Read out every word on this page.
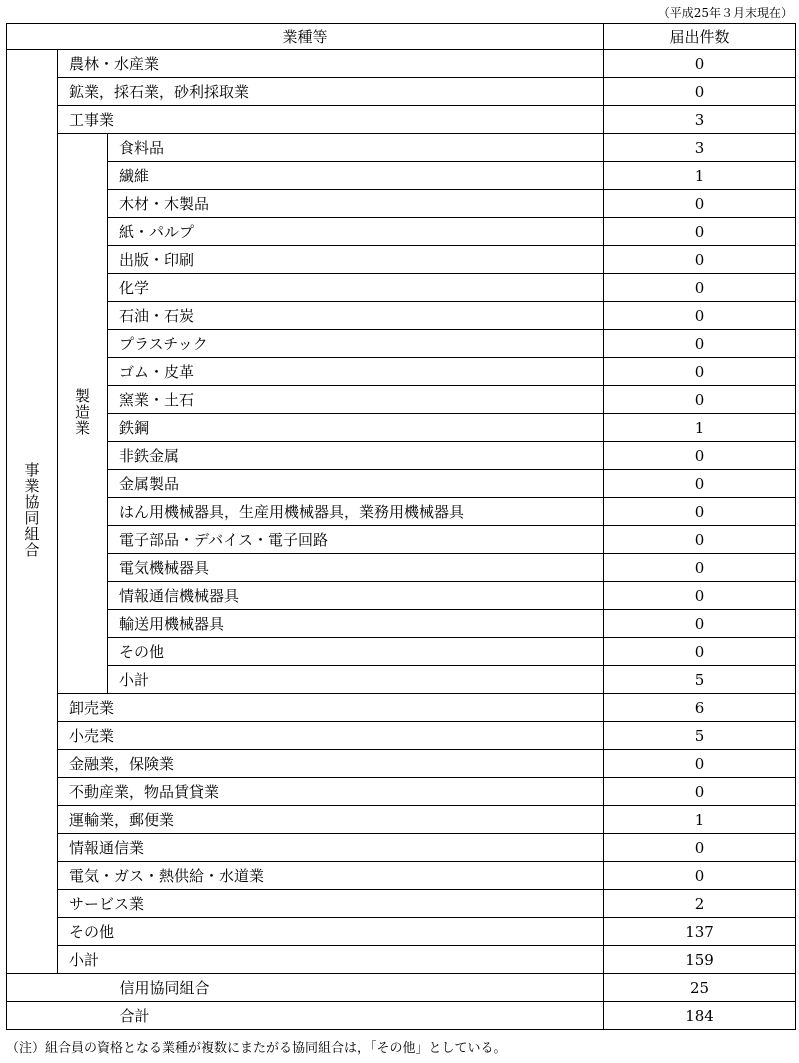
（平成25年３月末現在）
業種等			届出件数
事業協同組合	農林・水産業		0
	鉱業，採石業，砂利採取業		0
	工事業		3
	製造業	食料品	3
		繊維	1
		木材・木製品	0
		紙・パルプ	0
		出版・印刷	0
		化学	0
		石油・石炭	0
		プラスチック	0
		ゴム・皮革	0
		窯業・土石	0
		鉄鋼	1
		非鉄金属	0
		金属製品	0
		はん用機械器具，生産用機械器具，業務用機械器具	0
		電子部品・デバイス・電子回路	0
		電気機械器具	0
		情報通信機械器具	0
		輸送用機械器具	0
		その他	0
		小計	5
	卸売業		6
	小売業		5
	金融業，保険業		0
	不動産業，物品賃貸業		0
	運輸業，郵便業		1
	情報通信業		0
	電気・ガス・熱供給・水道業		0
	サービス業		2
	その他		137
	小計		159
	信用協同組合		25
	合計		184
（注）組合員の資格となる業種が複数にまたがる協同組合は，「その他」としている。
